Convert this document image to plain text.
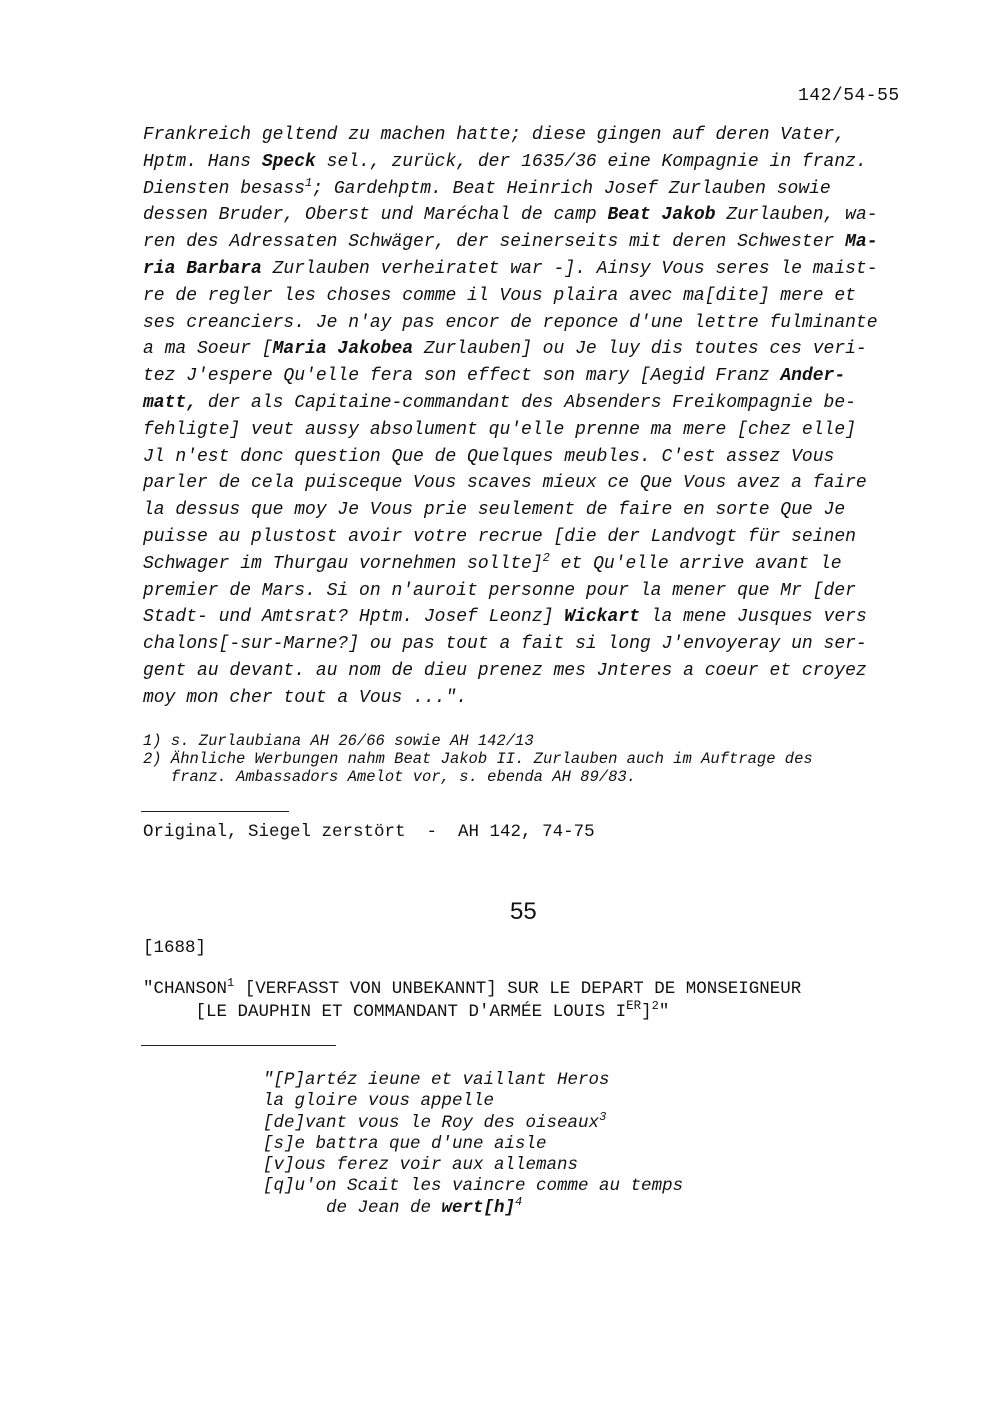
142/54-55
Frankreich geltend zu machen hatte; diese gingen auf deren Vater,
Hptm. Hans Speck sel., zurück, der 1635/36 eine Kompagnie in franz.
Diensten besass$^1$; Gardehptm. Beat Heinrich Josef Zurlauben sowie
dessen Bruder, Oberst und Maréchal de camp Beat Jakob Zurlauben, wa-
ren des Adressaten Schwäger, der seinerseits mit deren Schwester Ma-
ria Barbara Zurlauben verheiratet war -]. Ainsy Vous seres le maist-
re de regler les choses comme il Vous plaira avec ma[dite] mere et
ses creanciers. Je n'ay pas encor de reponce d'une lettre fulminante
a ma Soeur [Maria Jakobea Zurlauben] ou Je luy dis toutes ces veri-
tez J'espere Qu'elle fera son effect son mary [Aegid Franz Ander-
matt, der als Capitaine-commandant des Absenders Freikompagnie be-
fehligte] veut aussy absolument qu'elle prenne ma mere [chez elle]
Jl n'est donc question Que de Quelques meubles. C'est assez Vous
parler de cela puisceque Vous scaves mieux ce Que Vous avez a faire
la dessus que moy Je Vous prie seulement de faire en sorte Que Je
puisse au plustost avoir votre recrue [die der Landvogt für seinen
Schwager im Thurgau vornehmen sollte]$^2$ et Qu'elle arrive avant le
premier de Mars. Si on n'auroit personne pour la mener que Mr [der
Stadt- und Amtsrat? Hptm. Josef Leonz] Wickart la mene Jusques vers
chalons[-sur-Marne?] ou pas tout a fait si long J'envoyeray un ser-
gent au devant. au nom de dieu prenez mes Jnteres a coeur et croyez
moy mon cher tout a Vous ...".
1) s. Zurlaubiana AH 26/66 sowie AH 142/13
2) Ähnliche Werbungen nahm Beat Jakob II. Zurlauben auch im Auftrage des
franz. Ambassadors Amelot vor, s. ebenda AH 89/83.
Original, Siegel zerstört  -  AH 142, 74-75
55
[1688]
"CHANSON$^1$ [VERFASST VON UNBEKANNT] SUR LE DEPART DE MONSEIGNEUR
[LE DAUPHIN ET COMMANDANT D'ARMÉE LOUIS IER]$^2$"
"[P]artéz ieune et vaillant Heros
la gloire vous appelle
[de]vant vous le Roy des oiseaux$^3$
[s]e battra que d'une aisle
[v]ous ferez voir aux allemans
[q]u'on Scait les vaincre comme au temps
de Jean de $wert[h]^4$
